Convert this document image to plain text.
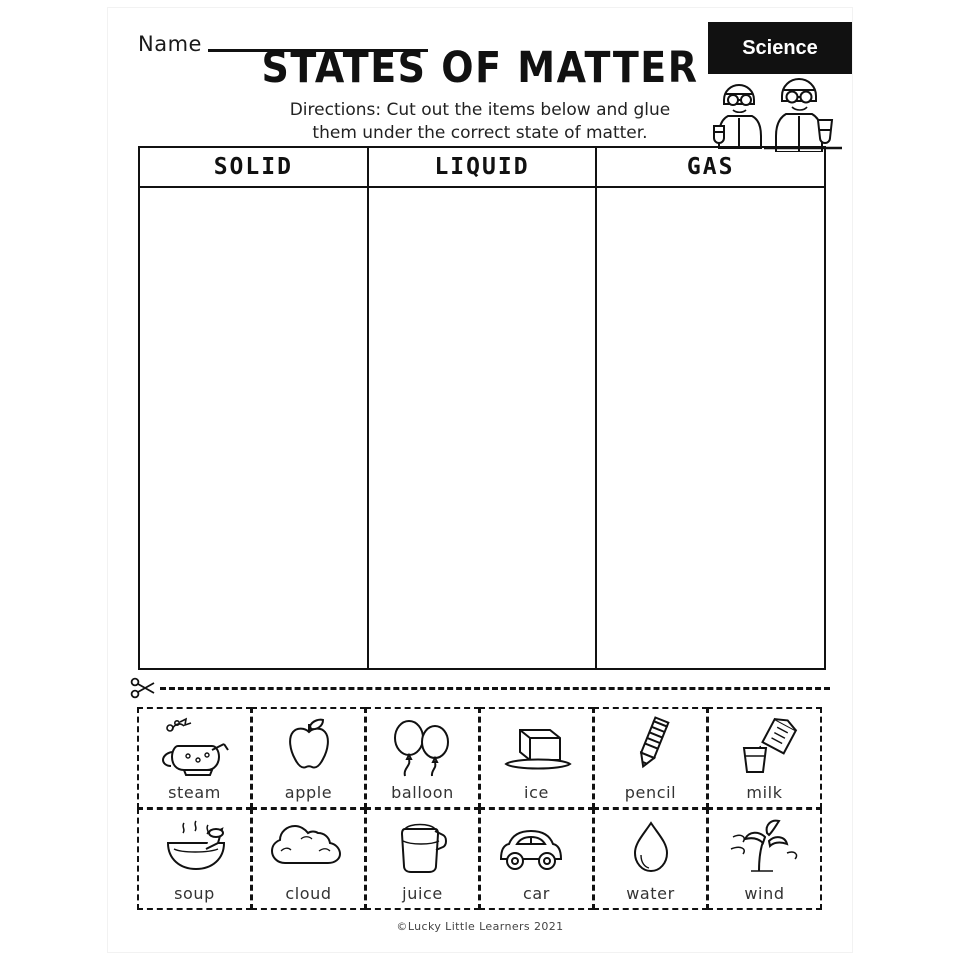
Name	Science
STATES OF MATTER
Directions: Cut out the items below and glue
them under the correct state of matter.
SOLID	LIQUID	GAS
steam	apple	balloon	ice	pencil	milk
soup	cloud	juice	car	water	wind
©Lucky Little Learners 2021
